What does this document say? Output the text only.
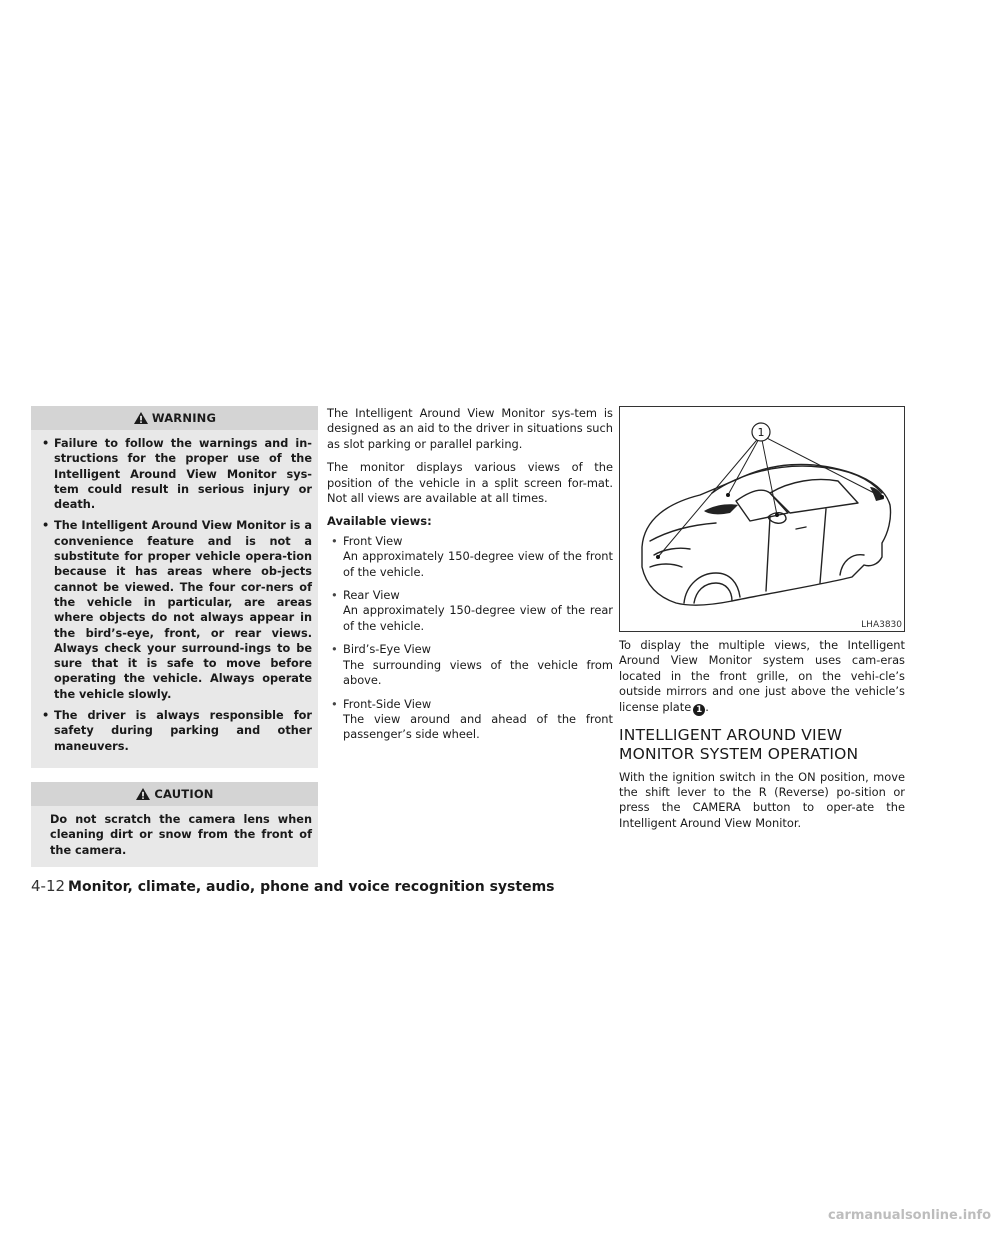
WARNING
• Failure to follow the warnings and in-structions for the proper use of the Intelligent Around View Monitor sys-tem could result in serious injury or death.
• The Intelligent Around View Monitor is a convenience feature and is not a substitute for proper vehicle opera-tion because it has areas where ob-jects cannot be viewed. The four cor-ners of the vehicle in particular, are areas where objects do not always appear in the bird’s-eye, front, or rear views. Always check your surround-ings to be sure that it is safe to move before operating the vehicle. Always operate the vehicle slowly.
• The driver is always responsible for safety during parking and other maneuvers.
CAUTION
Do not scratch the camera lens when cleaning dirt or snow from the front of the camera.

The Intelligent Around View Monitor sys-tem is designed as an aid to the driver in situations such as slot parking or parallel parking.

The monitor displays various views of the position of the vehicle in a split screen for-mat. Not all views are available at all times.

Available views:

• Front View
An approximately 150-degree view of the front of the vehicle.
• Rear View
An approximately 150-degree view of the rear of the vehicle.
• Bird’s-Eye View
The surrounding views of the vehicle from above.
• Front-Side View
The view around and ahead of the front passenger’s side wheel.
1
LHA3830

To display the multiple views, the Intelligent Around View Monitor system uses cam-eras located in the front grille, on the vehi-cle’s outside mirrors and one just above the vehicle’s license plate 1 .

INTELLIGENT AROUND VIEW
MONITOR SYSTEM OPERATION

With the ignition switch in the ON position, move the shift lever to the R (Reverse) po-sition or press the CAMERA button to oper-ate the Intelligent Around View Monitor.

4-12 Monitor, climate, audio, phone and voice recognition systems
carmanualsonline.info
